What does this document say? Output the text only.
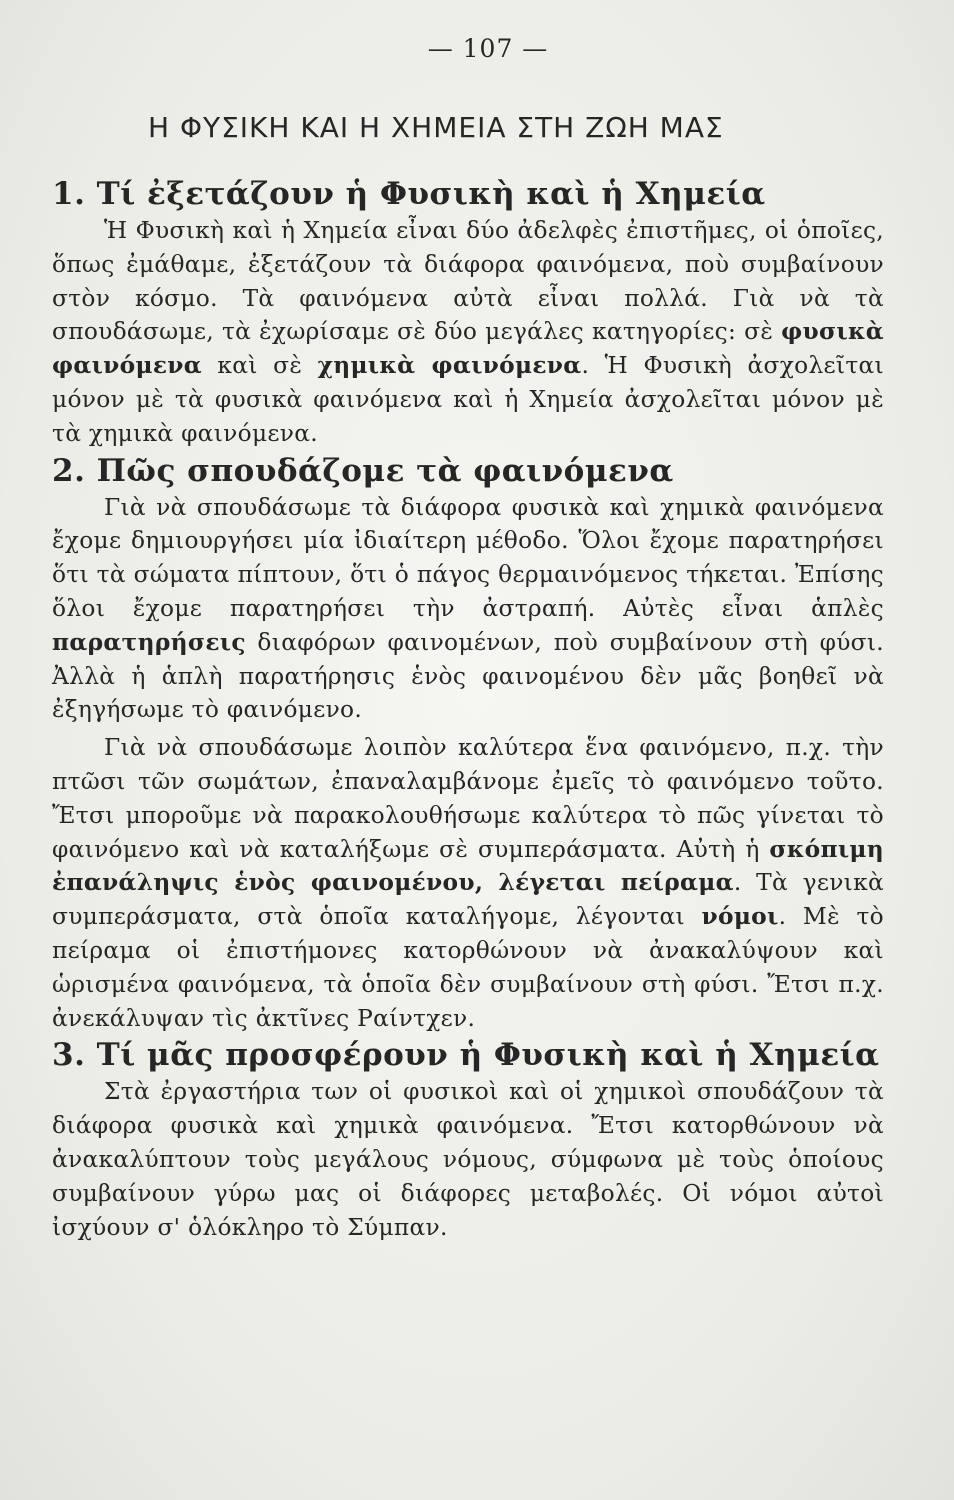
— 107 —
Η ΦΥΣΙΚΗ ΚΑΙ Η ΧΗΜΕΙΑ ΣΤΗ ΖΩΗ ΜΑΣ
1. Τί ἐξετάζουν ἡ Φυσικὴ καὶ ἡ Χημεία

Ἡ Φυσικὴ καὶ ἡ Χημεία εἶναι δύο ἀδελφὲς ἐπιστῆμες, οἱ ὁποῖες, ὅπως ἐμάθαμε, ἐξετάζουν τὰ διάφορα φαινόμενα, ποὺ συμβαίνουν στὸν κόσμο. Τὰ φαινόμενα αὐτὰ εἶναι πολλά. Γιὰ νὰ τὰ σπουδάσωμε, τὰ ἐχωρίσαμε σὲ δύο μεγάλες κατηγορίες: σὲ φυσικὰ φαινόμενα καὶ σὲ χημικὰ φαινόμενα. Ἡ Φυσικὴ ἀσχολεῖται μόνον μὲ τὰ φυσικὰ φαινόμενα καὶ ἡ Χημεία ἀσχολεῖται μόνον μὲ τὰ χημικὰ φαινόμενα.

2. Πῶς σπουδάζομε τὰ φαινόμενα

Γιὰ νὰ σπουδάσωμε τὰ διάφορα φυσικὰ καὶ χημικὰ φαινόμενα ἔχομε δημιουργήσει μία ἰδιαίτερη μέθοδο. Ὅλοι ἔχομε παρατηρήσει ὅτι τὰ σώματα πίπτουν, ὅτι ὁ πάγος θερμαινόμενος τήκεται. Ἐπίσης ὅλοι ἔχομε παρατηρήσει τὴν ἀστραπή. Αὐτὲς εἶναι ἁπλὲς παρατηρήσεις διαφόρων φαινομένων, ποὺ συμβαίνουν στὴ φύσι. Ἀλλὰ ἡ ἁπλὴ παρατήρησις ἑνὸς φαινομένου δὲν μᾶς βοηθεῖ νὰ ἐξηγήσωμε τὸ φαινόμενο.

Γιὰ νὰ σπουδάσωμε λοιπὸν καλύτερα ἕνα φαινόμενο, π.χ. τὴν πτῶσι τῶν σωμάτων, ἐπαναλαμβάνομε ἐμεῖς τὸ φαινόμενο τοῦτο. Ἔτσι μποροῦμε νὰ παρακολουθήσωμε καλύτερα τὸ πῶς γίνεται τὸ φαινόμενο καὶ νὰ καταλήξωμε σὲ συμπεράσματα. Αὐτὴ ἡ σκόπιμη ἐπανάληψις ἑνὸς φαινομένου, λέγεται πείραμα. Τὰ γενικὰ συμπεράσματα, στὰ ὁποῖα καταλήγομε, λέγονται νόμοι. Μὲ τὸ πείραμα οἱ ἐπιστήμονες κατορθώνουν νὰ ἀνακαλύψουν καὶ ὡρισμένα φαινόμενα, τὰ ὁποῖα δὲν συμβαίνουν στὴ φύσι. Ἔτσι π.χ. ἀνεκάλυψαν τὶς ἀκτῖνες Ραίντχεν.

3. Τί μᾶς προσφέρουν ἡ Φυσικὴ καὶ ἡ Χημεία

Στὰ ἐργαστήρια των οἱ φυσικοὶ καὶ οἱ χημικοὶ σπουδάζουν τὰ διάφορα φυσικὰ καὶ χημικὰ φαινόμενα. Ἔτσι κατορθώνουν νὰ ἀνακαλύπτουν τοὺς μεγάλους νόμους, σύμφωνα μὲ τοὺς ὁποίους συμβαίνουν γύρω μας οἱ διάφορες μεταβολές. Οἱ νόμοι αὐτοὶ ἰσχύουν σ' ὁλόκληρο τὸ Σύμπαν.
